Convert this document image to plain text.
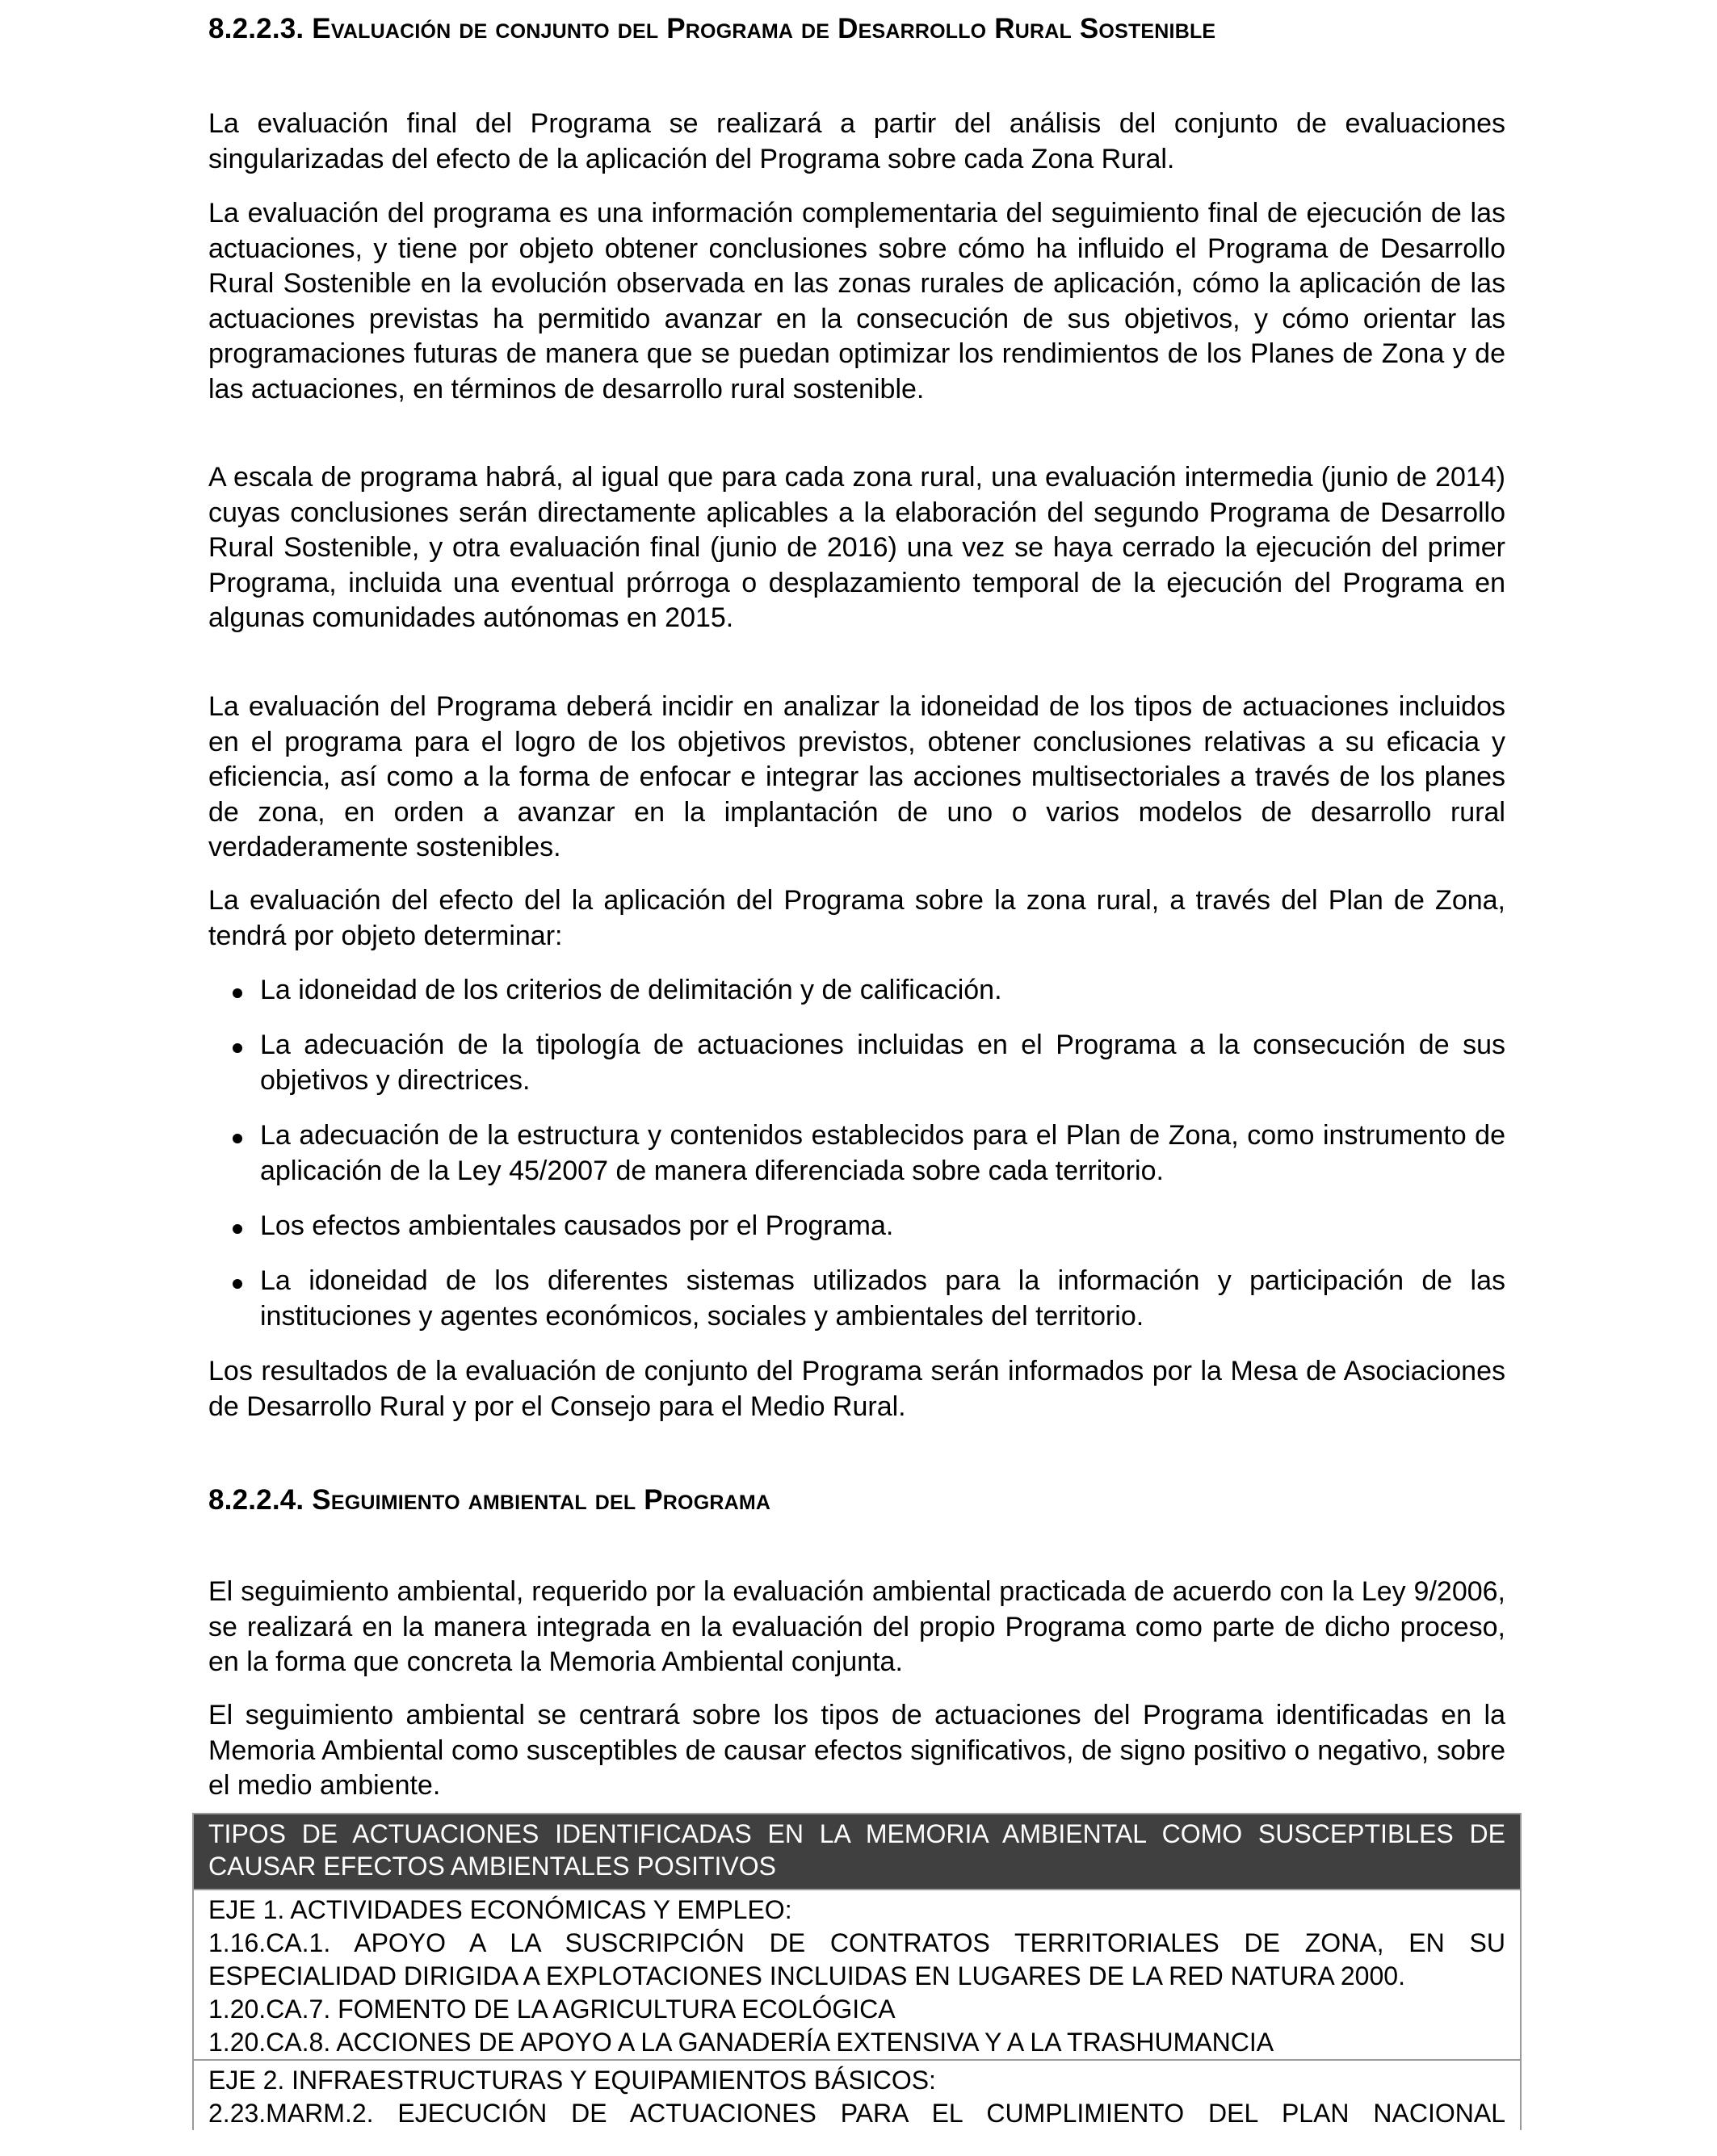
8.2.2.3. Evaluación de conjunto del Programa de Desarrollo Rural Sostenible

La evaluación final del Programa se realizará a partir del análisis del conjunto de evaluaciones singularizadas del efecto de la aplicación del Programa sobre cada Zona Rural.

La evaluación del programa es una información complementaria del seguimiento final de ejecución de las actuaciones, y tiene por objeto obtener conclusiones sobre cómo ha influido el Programa de Desarrollo Rural Sostenible en la evolución observada en las zonas rurales de aplicación, cómo la aplicación de las actuaciones previstas ha permitido avanzar en la consecución de sus objetivos, y cómo orientar las programaciones futuras de manera que se puedan optimizar los rendimientos de los Planes de Zona y de las actuaciones, en términos de desarrollo rural sostenible.

A escala de programa habrá, al igual que para cada zona rural, una evaluación intermedia (junio de 2014) cuyas conclusiones serán directamente aplicables a la elaboración del segundo Programa de Desarrollo Rural Sostenible, y otra evaluación final (junio de 2016) una vez se haya cerrado la ejecución del primer Programa, incluida una eventual prórroga o desplazamiento temporal de la ejecución del Programa en algunas comunidades autónomas en 2015.

La evaluación del Programa deberá incidir en analizar la idoneidad de los tipos de actuaciones incluidos en el programa para el logro de los objetivos previstos, obtener conclusiones relativas a su eficacia y eficiencia, así como a la forma de enfocar e integrar las acciones multisectoriales a través de los planes de zona, en orden a avanzar en la implantación de uno o varios modelos de desarrollo rural verdaderamente sostenibles.

La evaluación del efecto del la aplicación del Programa sobre la zona rural, a través del Plan de Zona, tendrá por objeto determinar:

La idoneidad de los criterios de delimitación y de calificación.
La adecuación de la tipología de actuaciones incluidas en el Programa a la consecución de sus objetivos y directrices.
La adecuación de la estructura y contenidos establecidos para el Plan de Zona, como instrumento de aplicación de la Ley 45/2007 de manera diferenciada sobre cada territorio.
Los efectos ambientales causados por el Programa.
La idoneidad de los diferentes sistemas utilizados para la información y participación de las instituciones y agentes económicos, sociales y ambientales del territorio.

Los resultados de la evaluación de conjunto del Programa serán informados por la Mesa de Asociaciones de Desarrollo Rural y por el Consejo para el Medio Rural.

8.2.2.4. Seguimiento ambiental del Programa

El seguimiento ambiental, requerido por la evaluación ambiental practicada de acuerdo con la Ley 9/2006, se realizará en la manera integrada en la evaluación del propio Programa como parte de dicho proceso, en la forma que concreta la Memoria Ambiental conjunta.

El seguimiento ambiental se centrará sobre los tipos de actuaciones del Programa identificadas en la Memoria Ambiental como susceptibles de causar efectos significativos, de signo positivo o negativo, sobre el medio ambiente.

TIPOS DE ACTUACIONES IDENTIFICADAS EN LA MEMORIA AMBIENTAL COMO SUSCEPTIBLES DE CAUSAR EFECTOS AMBIENTALES POSITIVOS

EJE 1. ACTIVIDADES ECONÓMICAS Y EMPLEO:

1.16.CA.1. APOYO A LA SUSCRIPCIÓN DE CONTRATOS TERRITORIALES DE ZONA, EN SU ESPECIALIDAD DIRIGIDA A EXPLOTACIONES INCLUIDAS EN LUGARES DE LA RED NATURA 2000.

1.20.CA.7. FOMENTO DE LA AGRICULTURA ECOLÓGICA

1.20.CA.8. ACCIONES DE APOYO A LA GANADERÍA EXTENSIVA Y A LA TRASHUMANCIA

EJE 2. INFRAESTRUCTURAS Y EQUIPAMIENTOS BÁSICOS:

2.23.MARM.2. EJECUCIÓN DE ACTUACIONES PARA EL CUMPLIMIENTO DEL PLAN NACIONAL
